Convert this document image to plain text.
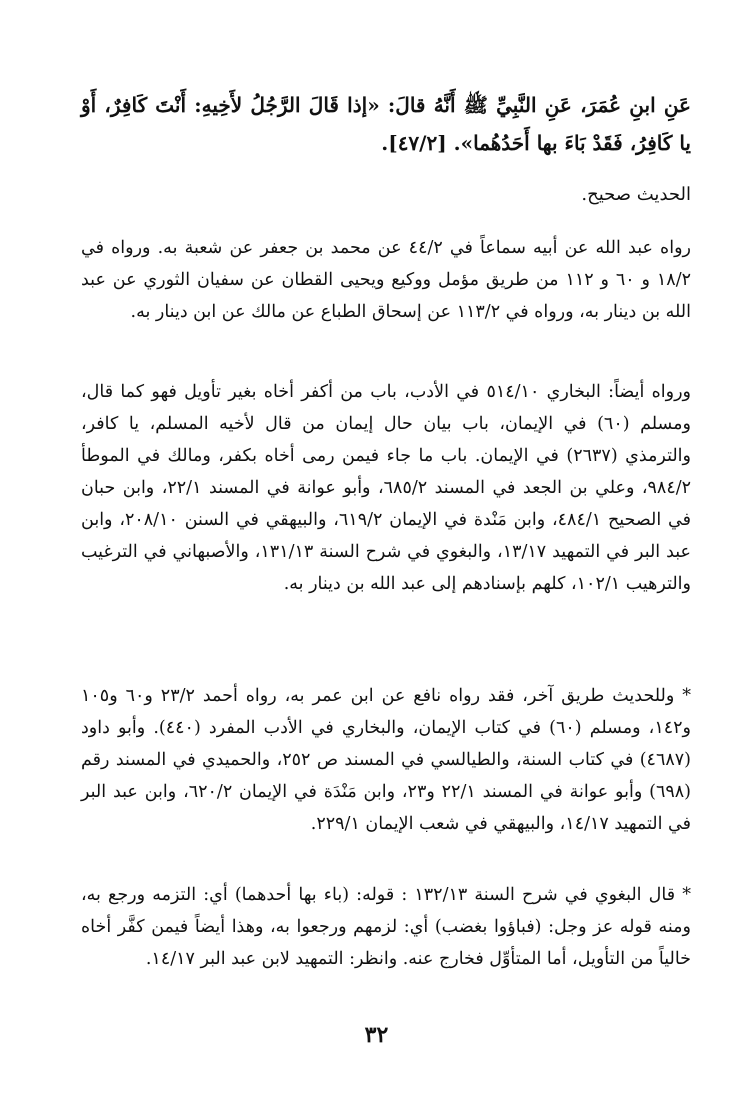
عَنِ ابنِ عُمَرَ، عَنِ النَّبِيِّ ﷺ أَنَّهُ قالَ: «إذا قَالَ الرَّجُلُ لأَخِيهِ: أَنْتَ كَافِرٌ، أَوْ يا كَافِرُ، فَقَدْ بَاءَ بها أَحَدُهُما». [٤٧/٢].
الحديث صحيح.
رواه عبد الله عن أبيه سماعاً في ٤٤/٢ عن محمد بن جعفر عن شعبة به. ورواه في ١٨/٢ و ٦٠ و ١١٢ من طريق مؤمل ووكيع ويحيى القطان عن سفيان الثوري عن عبد الله بن دينار به، ورواه في ١١٣/٢ عن إسحاق الطباع عن مالك عن ابن دينار به.
ورواه أيضاً: البخاري ٥١٤/١٠ في الأدب، باب من أكفر أخاه بغير تأويل فهو كما قال، ومسلم (٦٠) في الإيمان، باب بيان حال إيمان من قال لأخيه المسلم، يا كافر، والترمذي (٢٦٣٧) في الإيمان. باب ما جاء فيمن رمى أخاه بكفر، ومالك في الموطأ ٩٨٤/٢، وعلي بن الجعد في المسند ٦٨٥/٢، وأبو عوانة في المسند ٢٢/١، وابن حبان في الصحيح ٤٨٤/١، وابن مَنْدة في الإيمان ٦١٩/٢، والبيهقي في السنن ٢٠٨/١٠، وابن عبد البر في التمهيد ١٣/١٧، والبغوي في شرح السنة ١٣١/١٣، والأصبهاني في الترغيب والترهيب ١٠٢/١، كلهم بإسنادهم إلى عبد الله بن دينار به.
* وللحديث طريق آخر، فقد رواه نافع عن ابن عمر به، رواه أحمد ٢٣/٢ و٦٠ و١٠٥ و١٤٢، ومسلم (٦٠) في كتاب الإيمان، والبخاري في الأدب المفرد (٤٤٠). وأبو داود (٤٦٨٧) في كتاب السنة، والطيالسي في المسند ص ٢٥٢، والحميدي في المسند رقم (٦٩٨) وأبو عوانة في المسند ٢٢/١ و٢٣، وابن مَنْدَة في الإيمان ٦٢٠/٢، وابن عبد البر في التمهيد ١٤/١٧، والبيهقي في شعب الإيمان ٢٢٩/١.
* قال البغوي في شرح السنة ١٣٢/١٣ : قوله: (باء بها أحدهما) أي: التزمه ورجع به، ومنه قوله عز وجل: (فباؤوا بغضب) أي: لزمهم ورجعوا به، وهذا أيضاً فيمن كفَّر أخاه خالياً من التأويل، أما المتأوِّل فخارج عنه. وانظر: التمهيد لابن عبد البر ١٤/١٧.
٣٢
